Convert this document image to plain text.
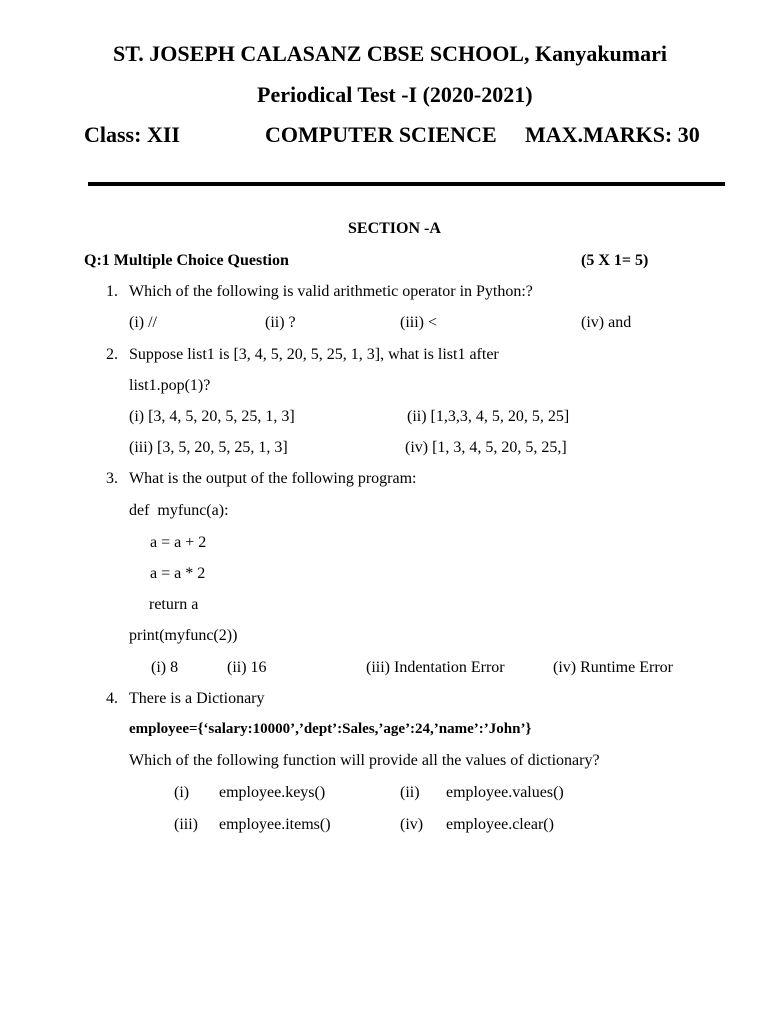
ST. JOSEPH CALASANZ CBSE SCHOOL, Kanyakumari
Periodical Test -I (2020-2021)
Class: XII	COMPUTER SCIENCE MAX.MARKS: 30
SECTION -A
Q:1 Multiple Choice Question	(5 X 1= 5)
1. Which of the following is valid arithmetic operator in Python:?
(i) //	(ii) ?	(iii) <	(iv) and
2. Suppose list1 is [3, 4, 5, 20, 5, 25, 1, 3], what is list1 after
list1.pop(1)?
(i) [3, 4, 5, 20, 5, 25, 1, 3]	(ii) [1,3,3, 4, 5, 20, 5, 25]
(iii) [3, 5, 20, 5, 25, 1, 3]	(iv) [1, 3, 4, 5, 20, 5, 25,]
3. What is the output of the following program:
def  myfunc(a):
a = a + 2
a = a * 2
return a
print(myfunc(2))
(i) 8	(ii) 16	(iii) Indentation Error	(iv) Runtime Error
4. There is a Dictionary
employee={‘salary:10000’,’dept’:Sales,’age’:24,’name’:’John’}
Which of the following function will provide all the values of dictionary?
(i) employee.keys()	(ii) employee.values()
(iii) employee.items()	(iv) employee.clear()
